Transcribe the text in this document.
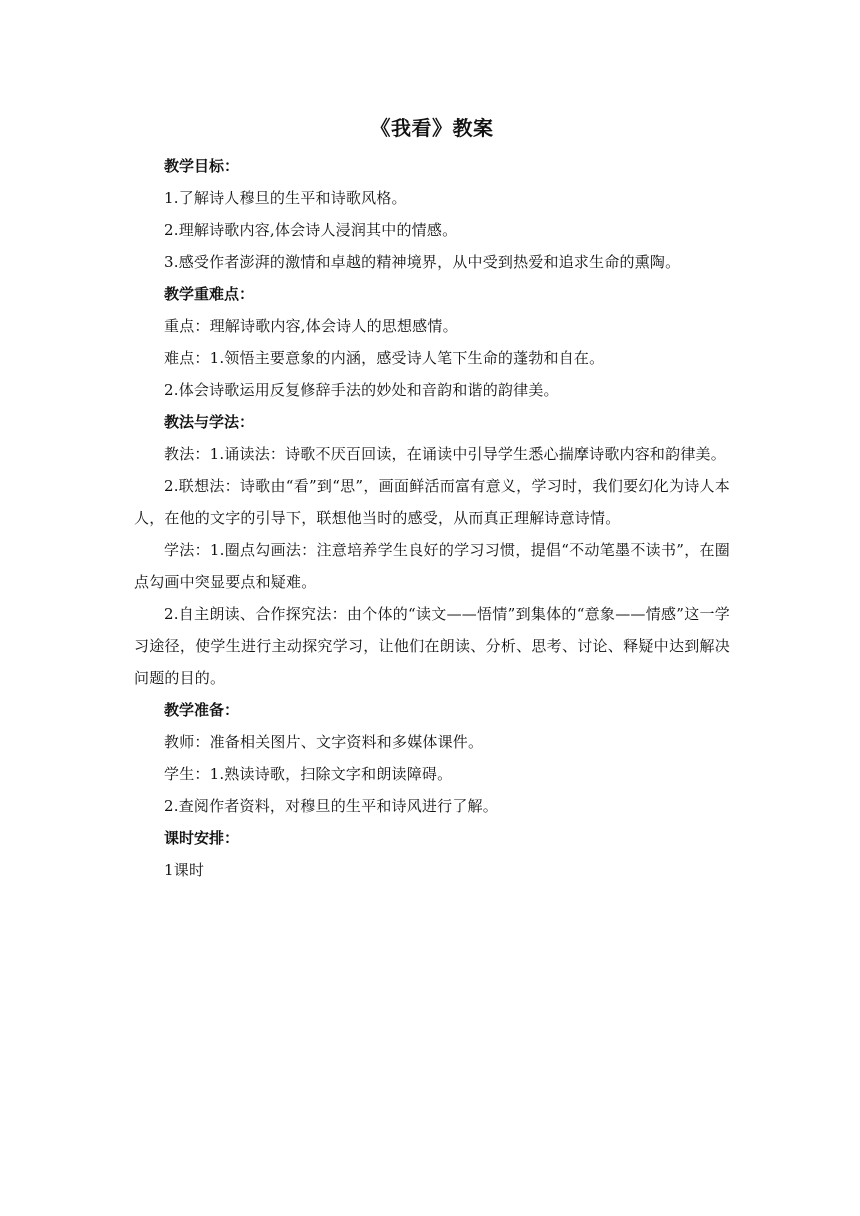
《我看》教案

教学目标：

1.了解诗人穆旦的生平和诗歌风格。

2.理解诗歌内容,体会诗人浸润其中的情感。

3.感受作者澎湃的激情和卓越的精神境界，从中受到热爱和追求生命的熏陶。

教学重难点：

重点：理解诗歌内容,体会诗人的思想感情。

难点：1.领悟主要意象的内涵，感受诗人笔下生命的蓬勃和自在。

2.体会诗歌运用反复修辞手法的妙处和音韵和谐的韵律美。

教法与学法：

教法：1.诵读法：诗歌不厌百回读，在诵读中引导学生悉心揣摩诗歌内容和韵律美。

2.联想法：诗歌由“看”到“思”，画面鲜活而富有意义，学习时，我们要幻化为诗人本人，在他的文字的引导下，联想他当时的感受，从而真正理解诗意诗情。

学法：1.圈点勾画法：注意培养学生良好的学习习惯，提倡“不动笔墨不读书”，在圈点勾画中突显要点和疑难。

2.自主朗读、合作探究法：由个体的“读文——悟情”到集体的“意象——情感”这一学习途径，使学生进行主动探究学习，让他们在朗读、分析、思考、讨论、释疑中达到解决问题的目的。

教学准备：

教师：准备相关图片、文字资料和多媒体课件。

学生：1.熟读诗歌，扫除文字和朗读障碍。

2.查阅作者资料，对穆旦的生平和诗风进行了解。

课时安排：

1课时
